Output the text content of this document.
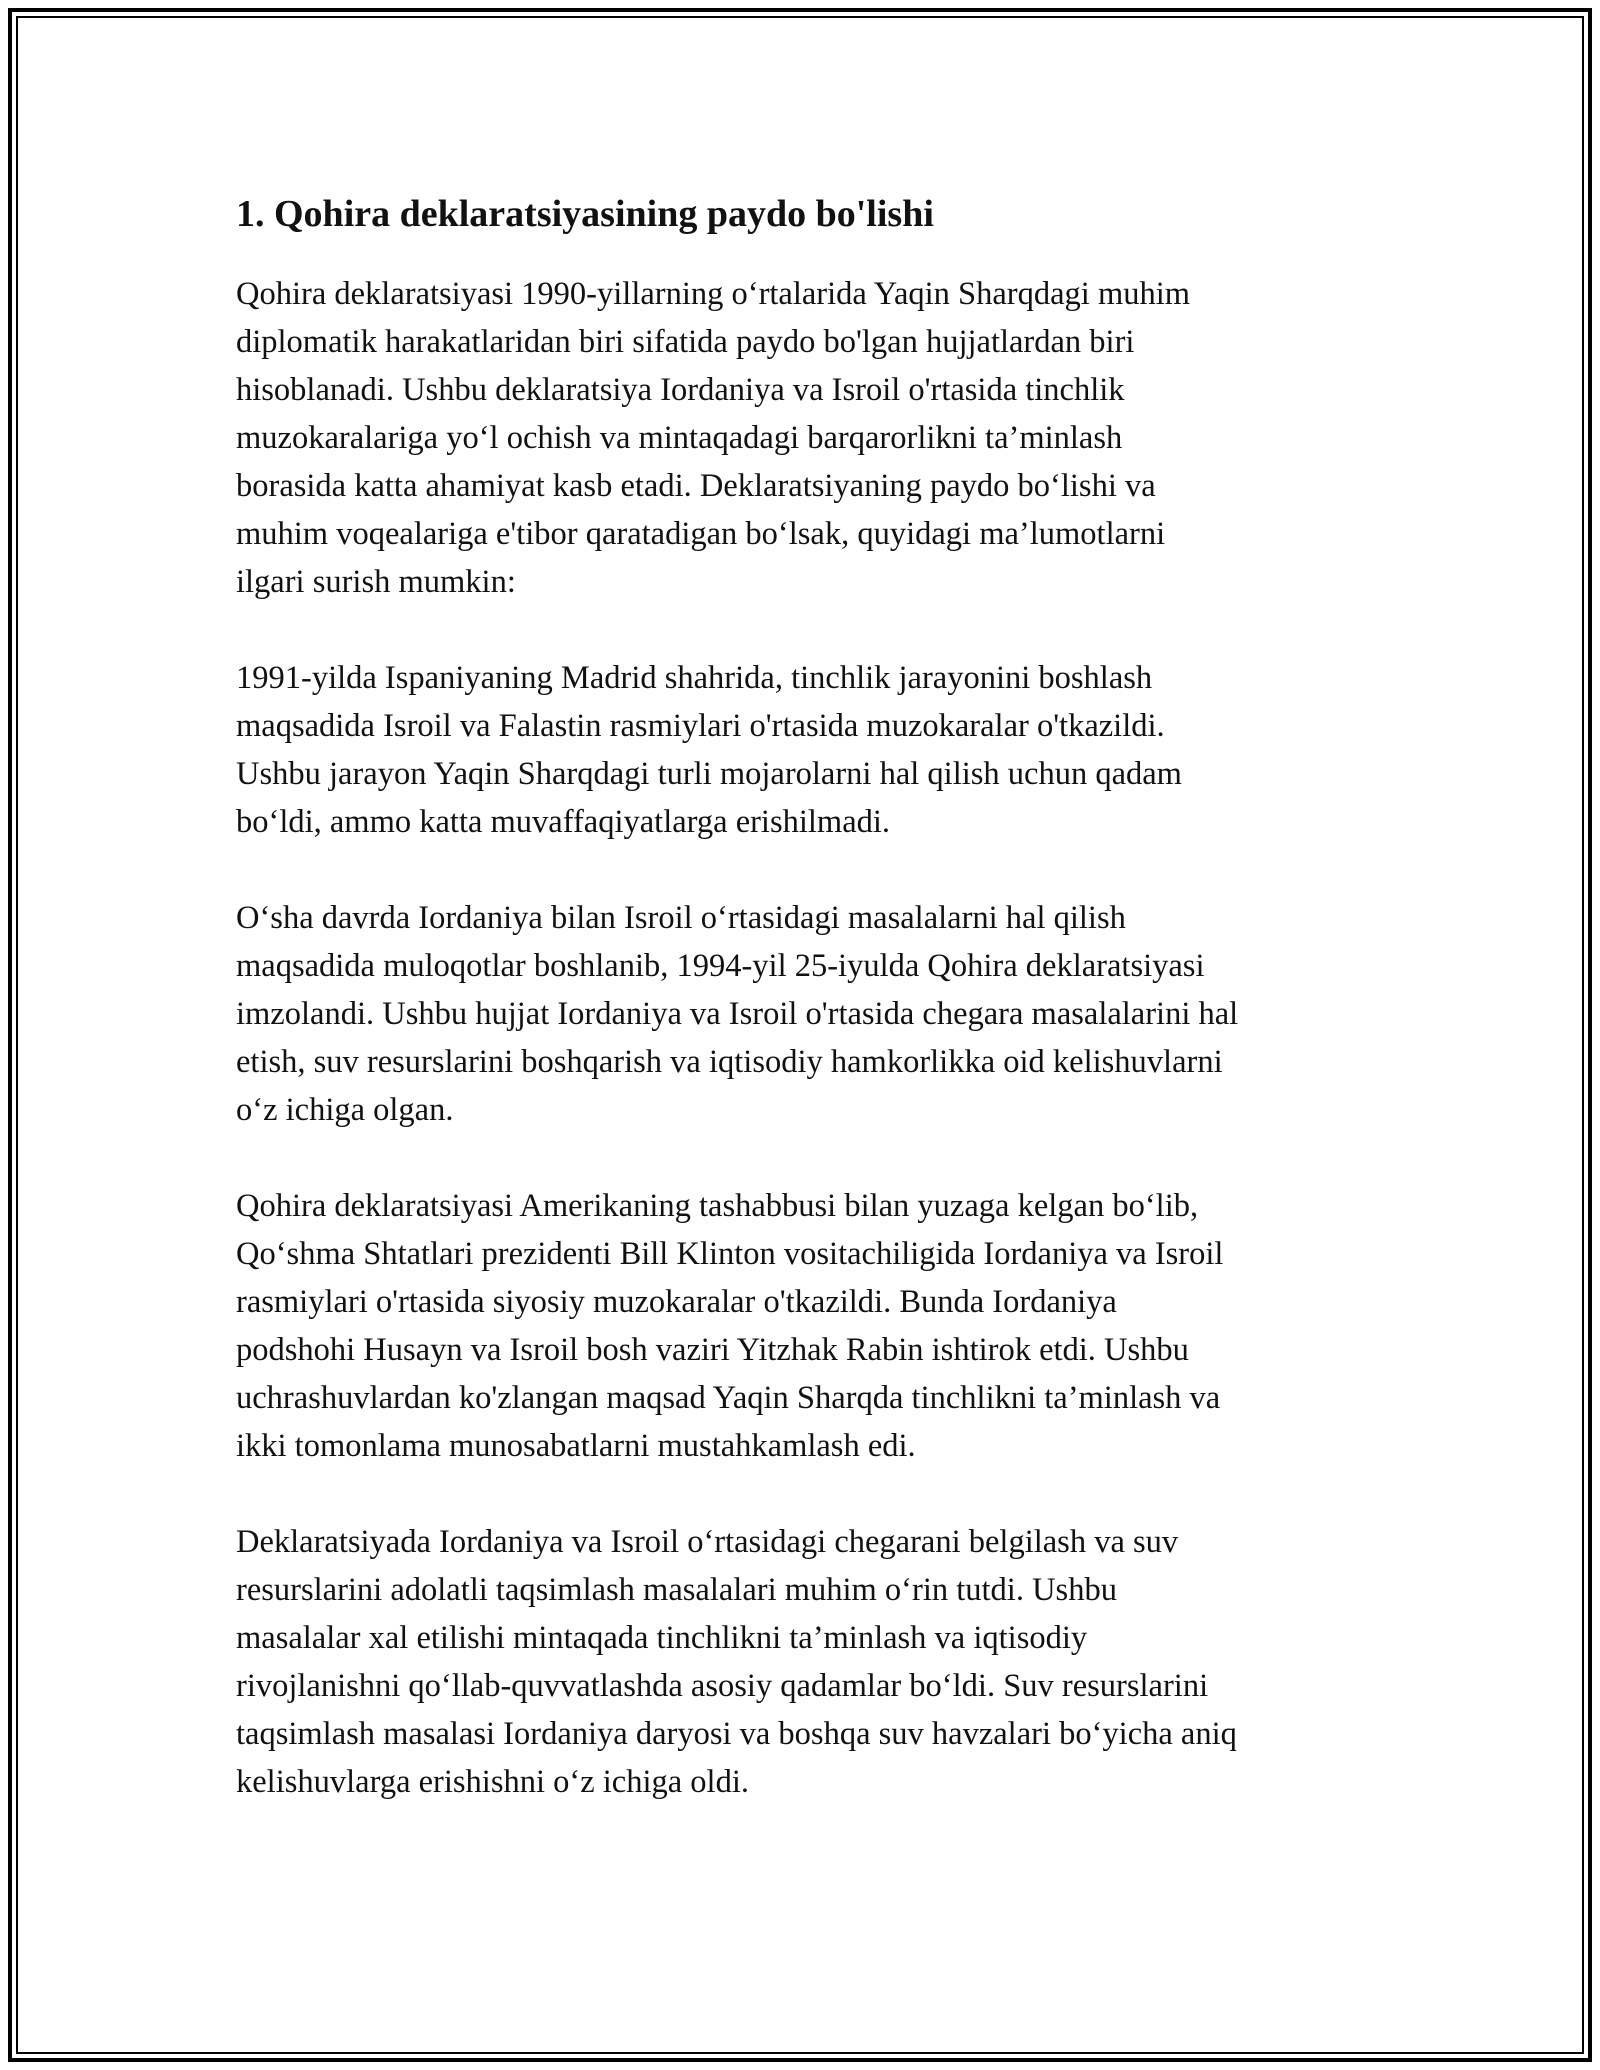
1. Qohira deklaratsiyasining paydo bo'lishi

Qohira deklaratsiyasi 1990-yillarning o‘rtalarida Yaqin Sharqdagi muhim
diplomatik harakatlaridan biri sifatida paydo bo'lgan hujjatlardan biri
hisoblanadi. Ushbu deklaratsiya Iordaniya va Isroil o'rtasida tinchlik
muzokaralariga yo‘l ochish va mintaqadagi barqarorlikni ta’minlash
borasida katta ahamiyat kasb etadi. Deklaratsiyaning paydo bo‘lishi va
muhim voqealariga e'tibor qaratadigan bo‘lsak, quyidagi ma’lumotlarni
ilgari surish mumkin:

1991-yilda Ispaniyaning Madrid shahrida, tinchlik jarayonini boshlash
maqsadida Isroil va Falastin rasmiylari o'rtasida muzokaralar o'tkazildi.
Ushbu jarayon Yaqin Sharqdagi turli mojarolarni hal qilish uchun qadam
bo‘ldi, ammo katta muvaffaqiyatlarga erishilmadi.

O‘sha davrda Iordaniya bilan Isroil o‘rtasidagi masalalarni hal qilish
maqsadida muloqotlar boshlanib, 1994-yil 25-iyulda Qohira deklaratsiyasi
imzolandi. Ushbu hujjat Iordaniya va Isroil o'rtasida chegara masalalarini hal
etish, suv resurslarini boshqarish va iqtisodiy hamkorlikka oid kelishuvlarni
o‘z ichiga olgan.

Qohira deklaratsiyasi Amerikaning tashabbusi bilan yuzaga kelgan bo‘lib,
Qo‘shma Shtatlari prezidenti Bill Klinton vositachiligida Iordaniya va Isroil
rasmiylari o'rtasida siyosiy muzokaralar o'tkazildi. Bunda Iordaniya
podshohi Husayn va Isroil bosh vaziri Yitzhak Rabin ishtirok etdi. Ushbu
uchrashuvlardan ko'zlangan maqsad Yaqin Sharqda tinchlikni ta’minlash va
ikki tomonlama munosabatlarni mustahkamlash edi.

Deklaratsiyada Iordaniya va Isroil o‘rtasidagi chegarani belgilash va suv
resurslarini adolatli taqsimlash masalalari muhim o‘rin tutdi. Ushbu
masalalar xal etilishi mintaqada tinchlikni ta’minlash va iqtisodiy
rivojlanishni qo‘llab-quvvatlashda asosiy qadamlar bo‘ldi. Suv resurslarini
taqsimlash masalasi Iordaniya daryosi va boshqa suv havzalari bo‘yicha aniq
kelishuvlarga erishishni o‘z ichiga oldi.
